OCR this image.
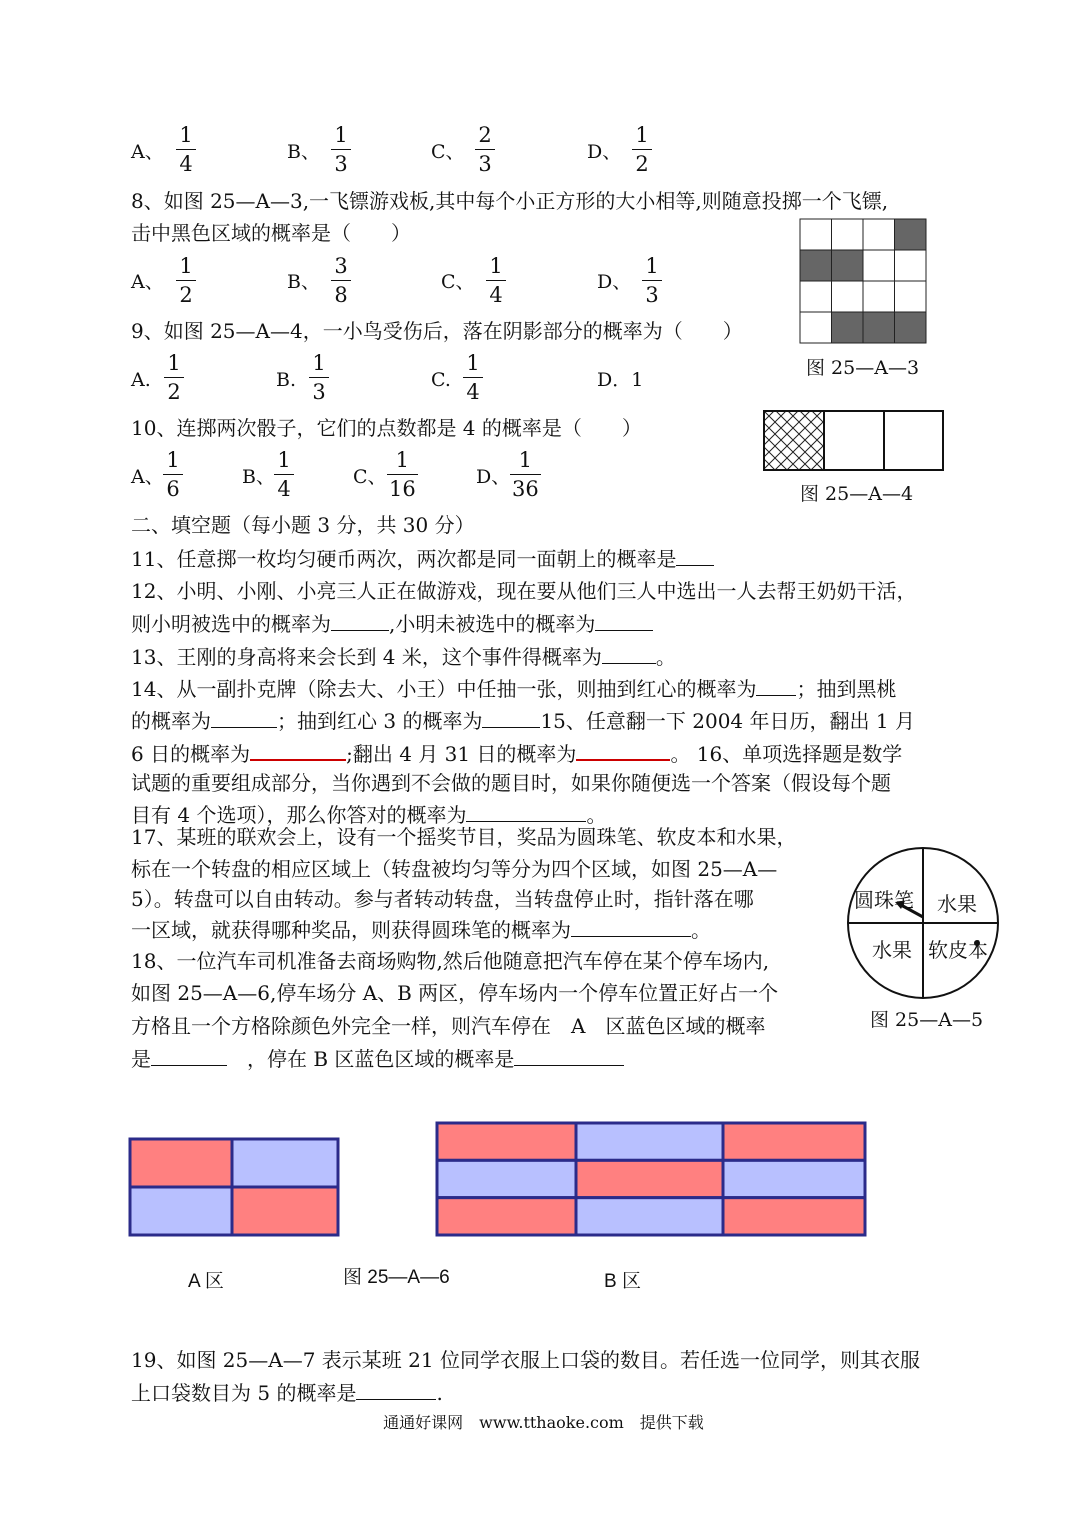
A、
1
4	B、
1
3	C、
2
3	D、
1
2
8、如图 25—A—3,一飞镖游戏板,其中每个小正方形的大小相等,则随意投掷一个飞镖,
击中黑色区域的概率是（　　）
A、
1
2
B、
3
8
C、
1
4
D、
1
3
图 25—A—3
9、如图 25—A—4，一小鸟受伤后，落在阴影部分的概率为（　　）
A.
1
2	B.
1
3	C.
1
4	D．1
图 25—A—4
10、连掷两次骰子，它们的点数都是 4 的概率是（　　）
A、
1
6	B、
1
4	C、
1
16	D、
1
36
二、填空题（每小题 3 分，共 30 分）
11、任意掷一枚均匀硬币两次，两次都是同一面朝上的概率是
12、小明、小刚、小亮三人正在做游戏，现在要从他们三人中选出一人去帮王奶奶干活，
则小明被选中的概率为	,小明未被选中的概率为
13、王刚的身高将来会长到 4 米，这个事件得概率为	。
14、从一副扑克牌（除去大、小王）中任抽一张，则抽到红心的概率为 ；抽到黑桃
的概率为	；抽到红心 3 的概率为	15、任意翻一下 2004 年日历，翻出 1 月
6 日的概率为	;翻出 4 月 31 日的概率为	。 16、单项选择题是数学
试题的重要组成部分，当你遇到不会做的题目时，如果你随便选一个答案（假设每个题
目有 4 个选项），那么你答对的概率为	。
17、某班的联欢会上，设有一个摇奖节目，奖品为圆珠笔、软皮本和水果，
标在一个转盘的相应区域上（转盘被均匀等分为四个区域，如图 25—A—
5）。转盘可以自由转动。参与者转动转盘，当转盘停止时，指针落在哪
一区域，就获得哪种奖品，则获得圆珠笔的概率为	。
圆珠笔 水果
水果 软皮本
图 25—A—5
18、一位汽车司机准备去商场购物,然后他随意把汽车停在某个停车场内,
如图 25—A—6,停车场分 A、B 两区，停车场内一个停车位置正好占一个
方格且一个方格除颜色外完全一样，则汽车停在　A　区蓝色区域的概率
是　	，停在 B 区蓝色区域的概率是
A 区	图 25—A—6	B 区
19、如图 25—A—7 表示某班 21 位同学衣服上口袋的数目。若任选一位同学，则其衣服
上口袋数目为 5 的概率是	.
通通好课网　www.tthaoke.com　提供下载
